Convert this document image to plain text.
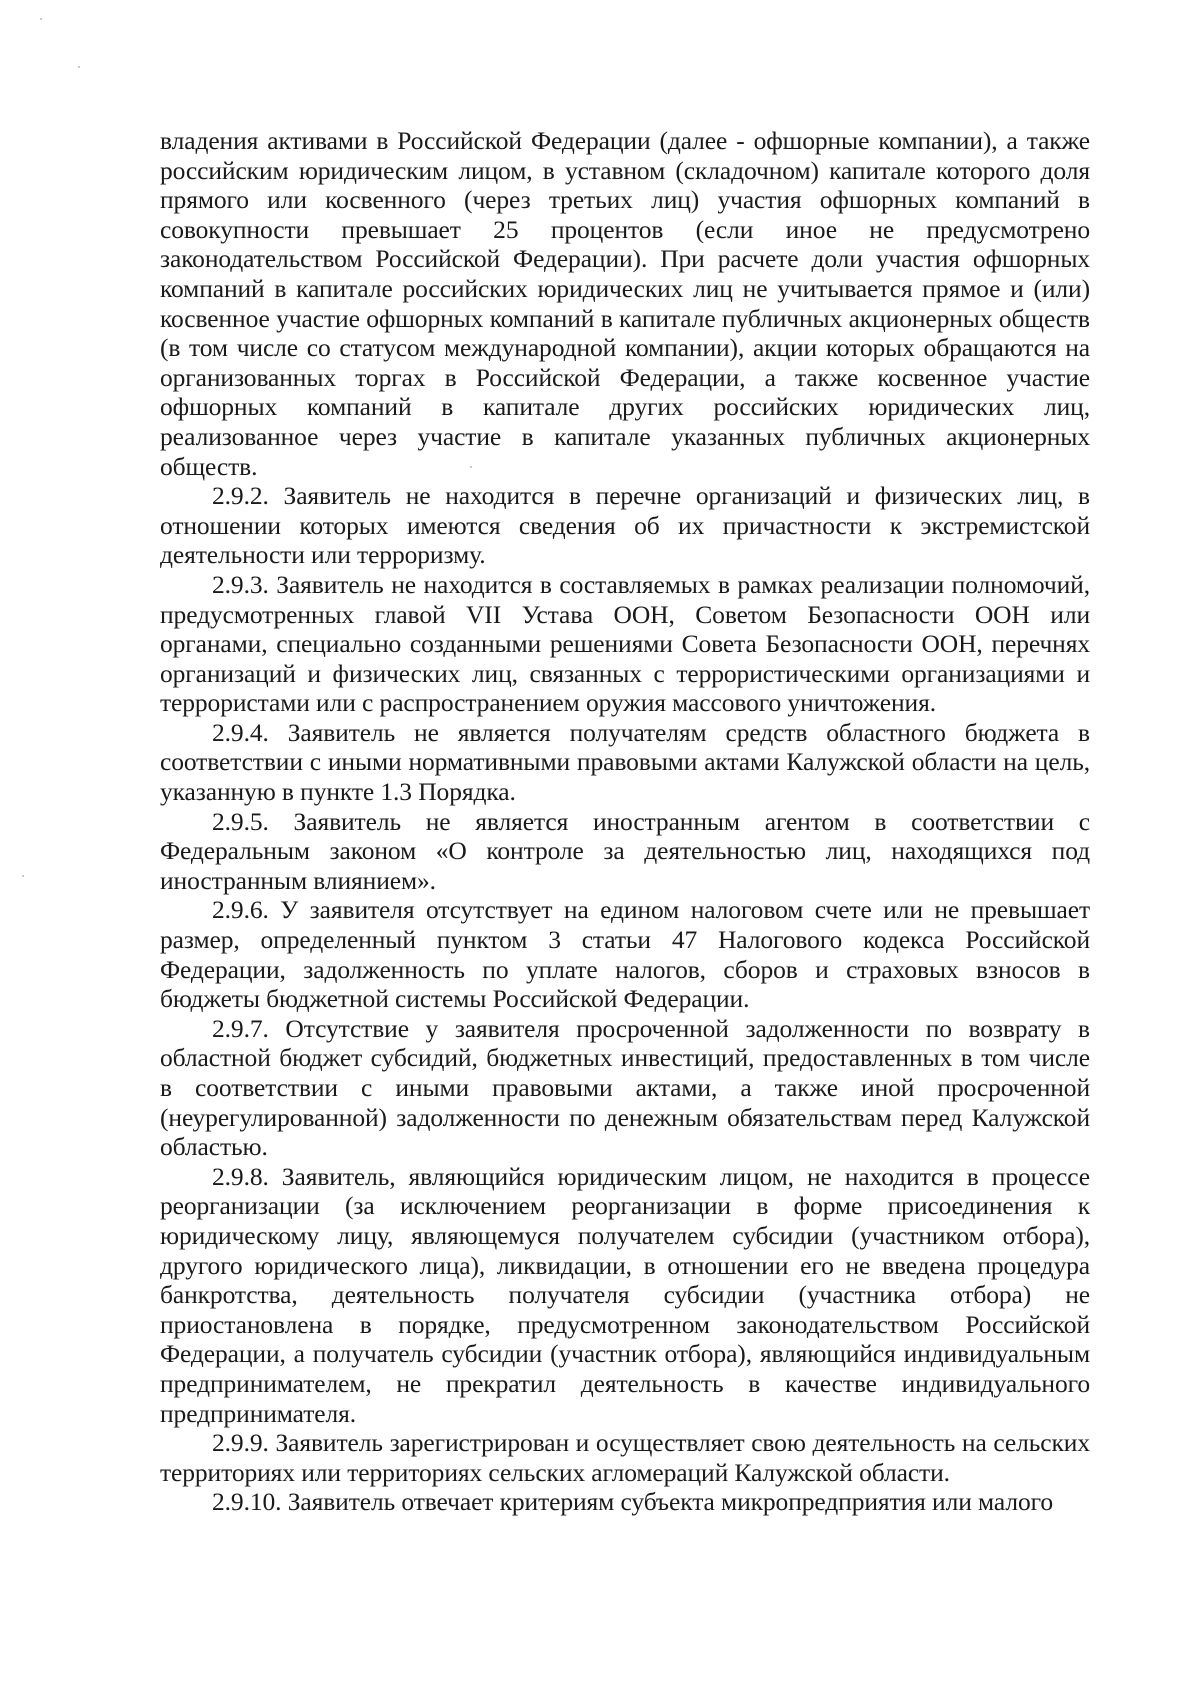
владения активами в Российской Федерации (далее - офшорные компании), а также российским юридическим лицом, в уставном (складочном) капитале которого доля прямого или косвенного (через третьих лиц) участия офшорных компаний в совокупности превышает 25 процентов (если иное не предусмотрено законодательством Российской Федерации). При расчете доли участия офшорных компаний в капитале российских юридических лиц не учитывается прямое и (или) косвенное участие офшорных компаний в капитале публичных акционерных обществ (в том числе со статусом международной компании), акции которых обращаются на организованных торгах в Российской Федерации, а также косвенное участие офшорных компаний в капитале других российских юридических лиц, реализованное через участие в капитале указанных публичных акционерных обществ.

2.9.2. Заявитель не находится в перечне организаций и физических лиц, в отношении которых имеются сведения об их причастности к экстремистской деятельности или терроризму.

2.9.3. Заявитель не находится в составляемых в рамках реализации полномочий, предусмотренных главой VII Устава ООН, Советом Безопасности ООН или органами, специально созданными решениями Совета Безопасности ООН, перечнях организаций и физических лиц, связанных с террористическими организациями и террористами или с распространением оружия массового уничтожения.

2.9.4. Заявитель не является получателям средств областного бюджета в соответствии с иными нормативными правовыми актами Калужской области на цель, указанную в пункте 1.3 Порядка.

2.9.5. Заявитель не является иностранным агентом в соответствии с Федеральным законом «О контроле за деятельностью лиц, находящихся под иностранным влиянием».

2.9.6. У заявителя отсутствует на едином налоговом счете или не превышает размер, определенный пунктом 3 статьи 47 Налогового кодекса Российской Федерации, задолженность по уплате налогов, сборов и страховых взносов в бюджеты бюджетной системы Российской Федерации.

2.9.7. Отсутствие у заявителя просроченной задолженности по возврату в областной бюджет субсидий, бюджетных инвестиций, предоставленных в том числе в соответствии с иными правовыми актами, а также иной просроченной (неурегулированной) задолженности по денежным обязательствам перед Калужской областью.

2.9.8. Заявитель, являющийся юридическим лицом, не находится в процессе реорганизации (за исключением реорганизации в форме присоединения к юридическому лицу, являющемуся получателем субсидии (участником отбора), другого юридического лица), ликвидации, в отношении его не введена процедура банкротства, деятельность получателя субсидии (участника отбора) не приостановлена в порядке, предусмотренном законодательством Российской Федерации, а получатель субсидии (участник отбора), являющийся индивидуальным предпринимателем, не прекратил деятельность в качестве индивидуального предпринимателя.

2.9.9. Заявитель зарегистрирован и осуществляет свою деятельность на сельских территориях или территориях сельских агломераций Калужской области.

2.9.10. Заявитель отвечает критериям субъекта микропредприятия или малого
